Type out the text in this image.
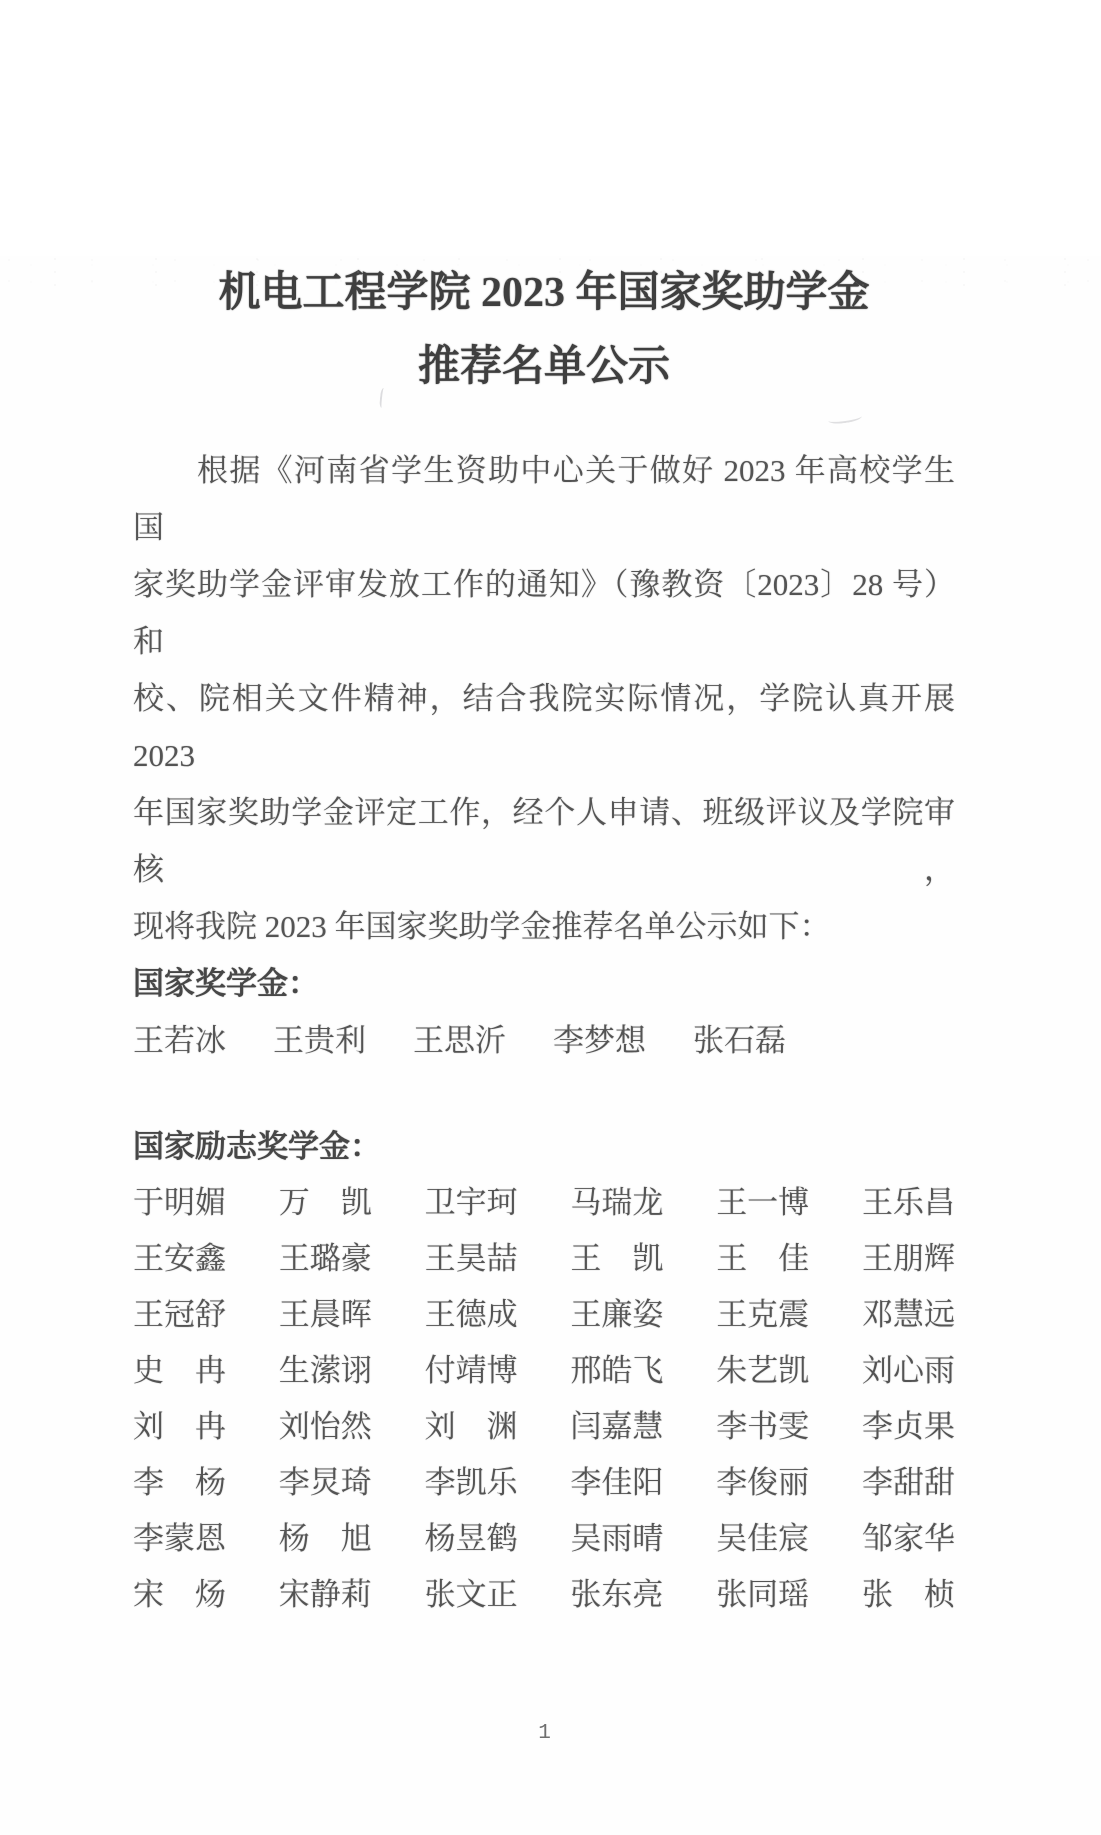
机电工程学院 2023 年国家奖助学金
推荐名单公示
根据《河南省学生资助中心关于做好 2023 年高校学生国
家奖助学金评审发放工作的通知》（豫教资〔2023〕28 号）和
校、院相关文件精神，结合我院实际情况，学院认真开展 2023
年国家奖助学金评定工作，经个人申请、班级评议及学院审核，
现将我院 2023 年国家奖助学金推荐名单公示如下：
国家奖学金：
王若冰 王贵利 王思沂 李梦想 张石磊
国家励志奖学金：
于明媚 万　凯 卫宇珂 马瑞龙 王一博 王乐昌
王安鑫 王璐豪 王昊喆 王　凯 王　佳 王朋辉
王冠舒 王晨晖 王德成 王廉姿 王克震 邓慧远
史　冉 生潆诩 付靖博 邢皓飞 朱艺凯 刘心雨
刘　冉 刘怡然 刘　渊 闫嘉慧 李书雯 李贞果
李　杨 李炅琦 李凯乐 李佳阳 李俊丽 李甜甜
李蒙恩 杨　旭 杨昱鹤 吴雨晴 吴佳宸 邹家华
宋　炀 宋静莉 张文正 张东亮 张同瑶 张　桢
1
